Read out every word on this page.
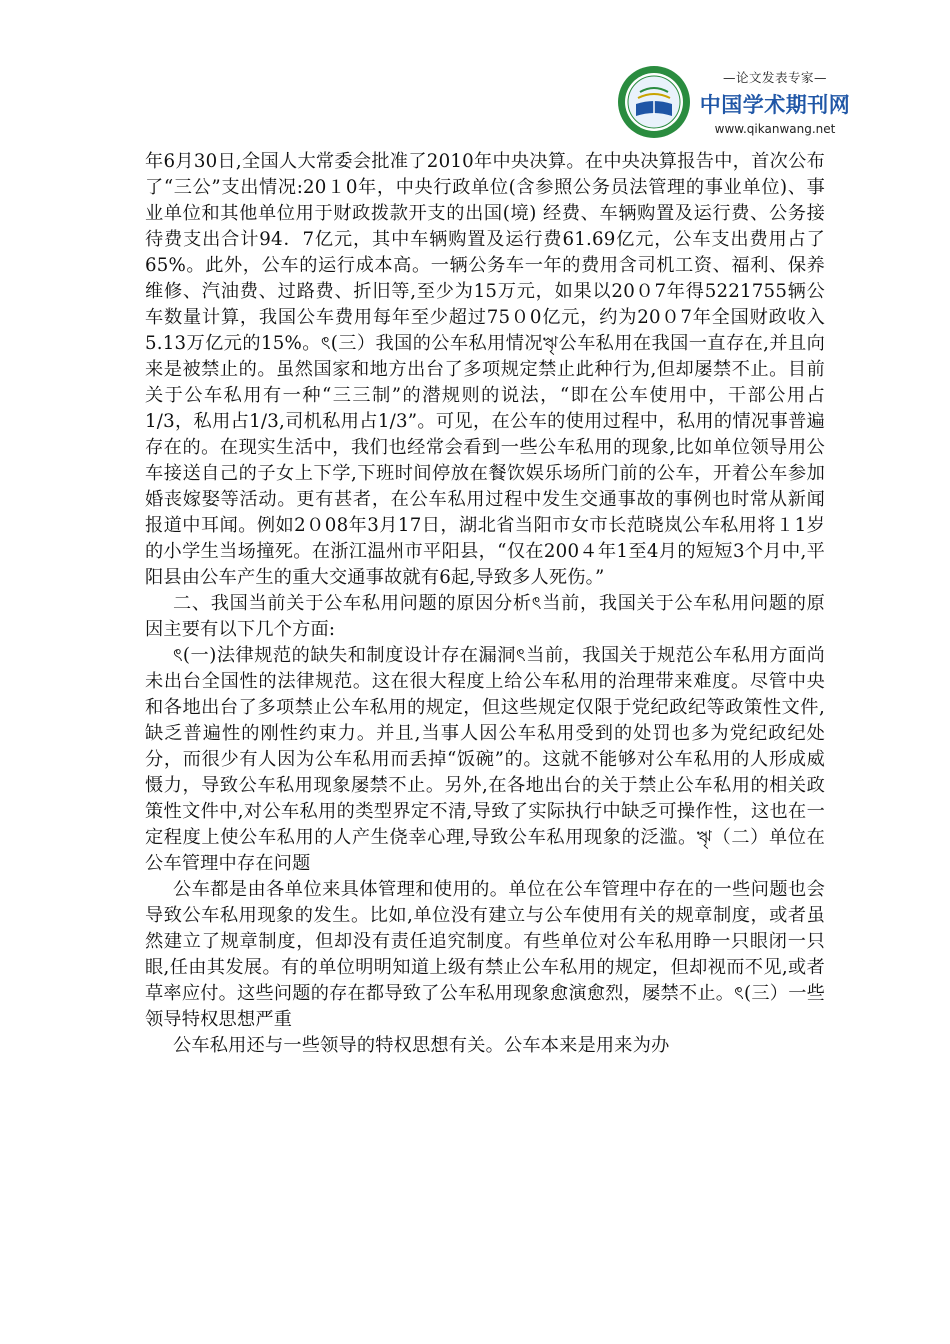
—论文发表专家—
中国学术期刊网
www.qikanwang.net

年6月30日,全国人大常委会批准了2010年中央决算。在中央决算报告中，首次公布了“三公”支出情况:20１0年，中央行政单位(含参照公务员法管理的事业单位)、事业单位和其他单位用于财政拨款开支的出国(境) 经费、车辆购置及运行费、公务接待费支出合计94．7亿元，其中车辆购置及运行费61.69亿元，公车支出费用占了65%。此外，公车的运行成本高。一辆公务车一年的费用含司机工资、福利、保养维修、汽油费、过路费、折旧等,至少为15万元，如果以20０7年得5221755辆公车数量计算，我国公车费用每年至少超过75０0亿元，约为20０7年全国财政收入5.13万亿元的15%。ৎ(三）我国的公车私用情况ৠ公车私用在我国一直存在,并且向来是被禁止的。虽然国家和地方出台了多项规定禁止此种行为,但却屡禁不止。目前关于公车私用有一种“三三制”的潜规则的说法，“即在公车使用中，干部公用占1/3，私用占1/3,司机私用占1/3”。可见，在公车的使用过程中，私用的情况事普遍存在的。在现实生活中，我们也经常会看到一些公车私用的现象,比如单位领导用公车接送自己的子女上下学,下班时间停放在餐饮娱乐场所门前的公车，开着公车参加婚丧嫁娶等活动。更有甚者，在公车私用过程中发生交通事故的事例也时常从新闻报道中耳闻。例如2０08年3月17日，湖北省当阳市女市长范晓岚公车私用将１1岁的小学生当场撞死。在浙江温州市平阳县，“仅在200４年1至4月的短短3个月中,平阳县由公车产生的重大交通事故就有6起,导致多人死伤。”

二、我国当前关于公车私用问题的原因分析ৎ当前，我国关于公车私用问题的原因主要有以下几个方面:

ৎ(一)法律规范的缺失和制度设计存在漏洞ৎ当前，我国关于规范公车私用方面尚未出台全国性的法律规范。这在很大程度上给公车私用的治理带来难度。尽管中央和各地出台了多项禁止公车私用的规定，但这些规定仅限于党纪政纪等政策性文件,缺乏普遍性的刚性约束力。并且,当事人因公车私用受到的处罚也多为党纪政纪处分，而很少有人因为公车私用而丢掉“饭碗”的。这就不能够对公车私用的人形成威慑力，导致公车私用现象屡禁不止。另外,在各地出台的关于禁止公车私用的相关政策性文件中,对公车私用的类型界定不清,导致了实际执行中缺乏可操作性，这也在一定程度上使公车私用的人产生侥幸心理,导致公车私用现象的泛滥。ৠ（二）单位在公车管理中存在问题

公车都是由各单位来具体管理和使用的。单位在公车管理中存在的一些问题也会导致公车私用现象的发生。比如,单位没有建立与公车使用有关的规章制度，或者虽然建立了规章制度，但却没有责任追究制度。有些单位对公车私用睁一只眼闭一只眼,任由其发展。有的单位明明知道上级有禁止公车私用的规定，但却视而不见,或者草率应付。这些问题的存在都导致了公车私用现象愈演愈烈，屡禁不止。ৎ(三）一些领导特权思想严重

公车私用还与一些领导的特权思想有关。公车本来是用来为办
